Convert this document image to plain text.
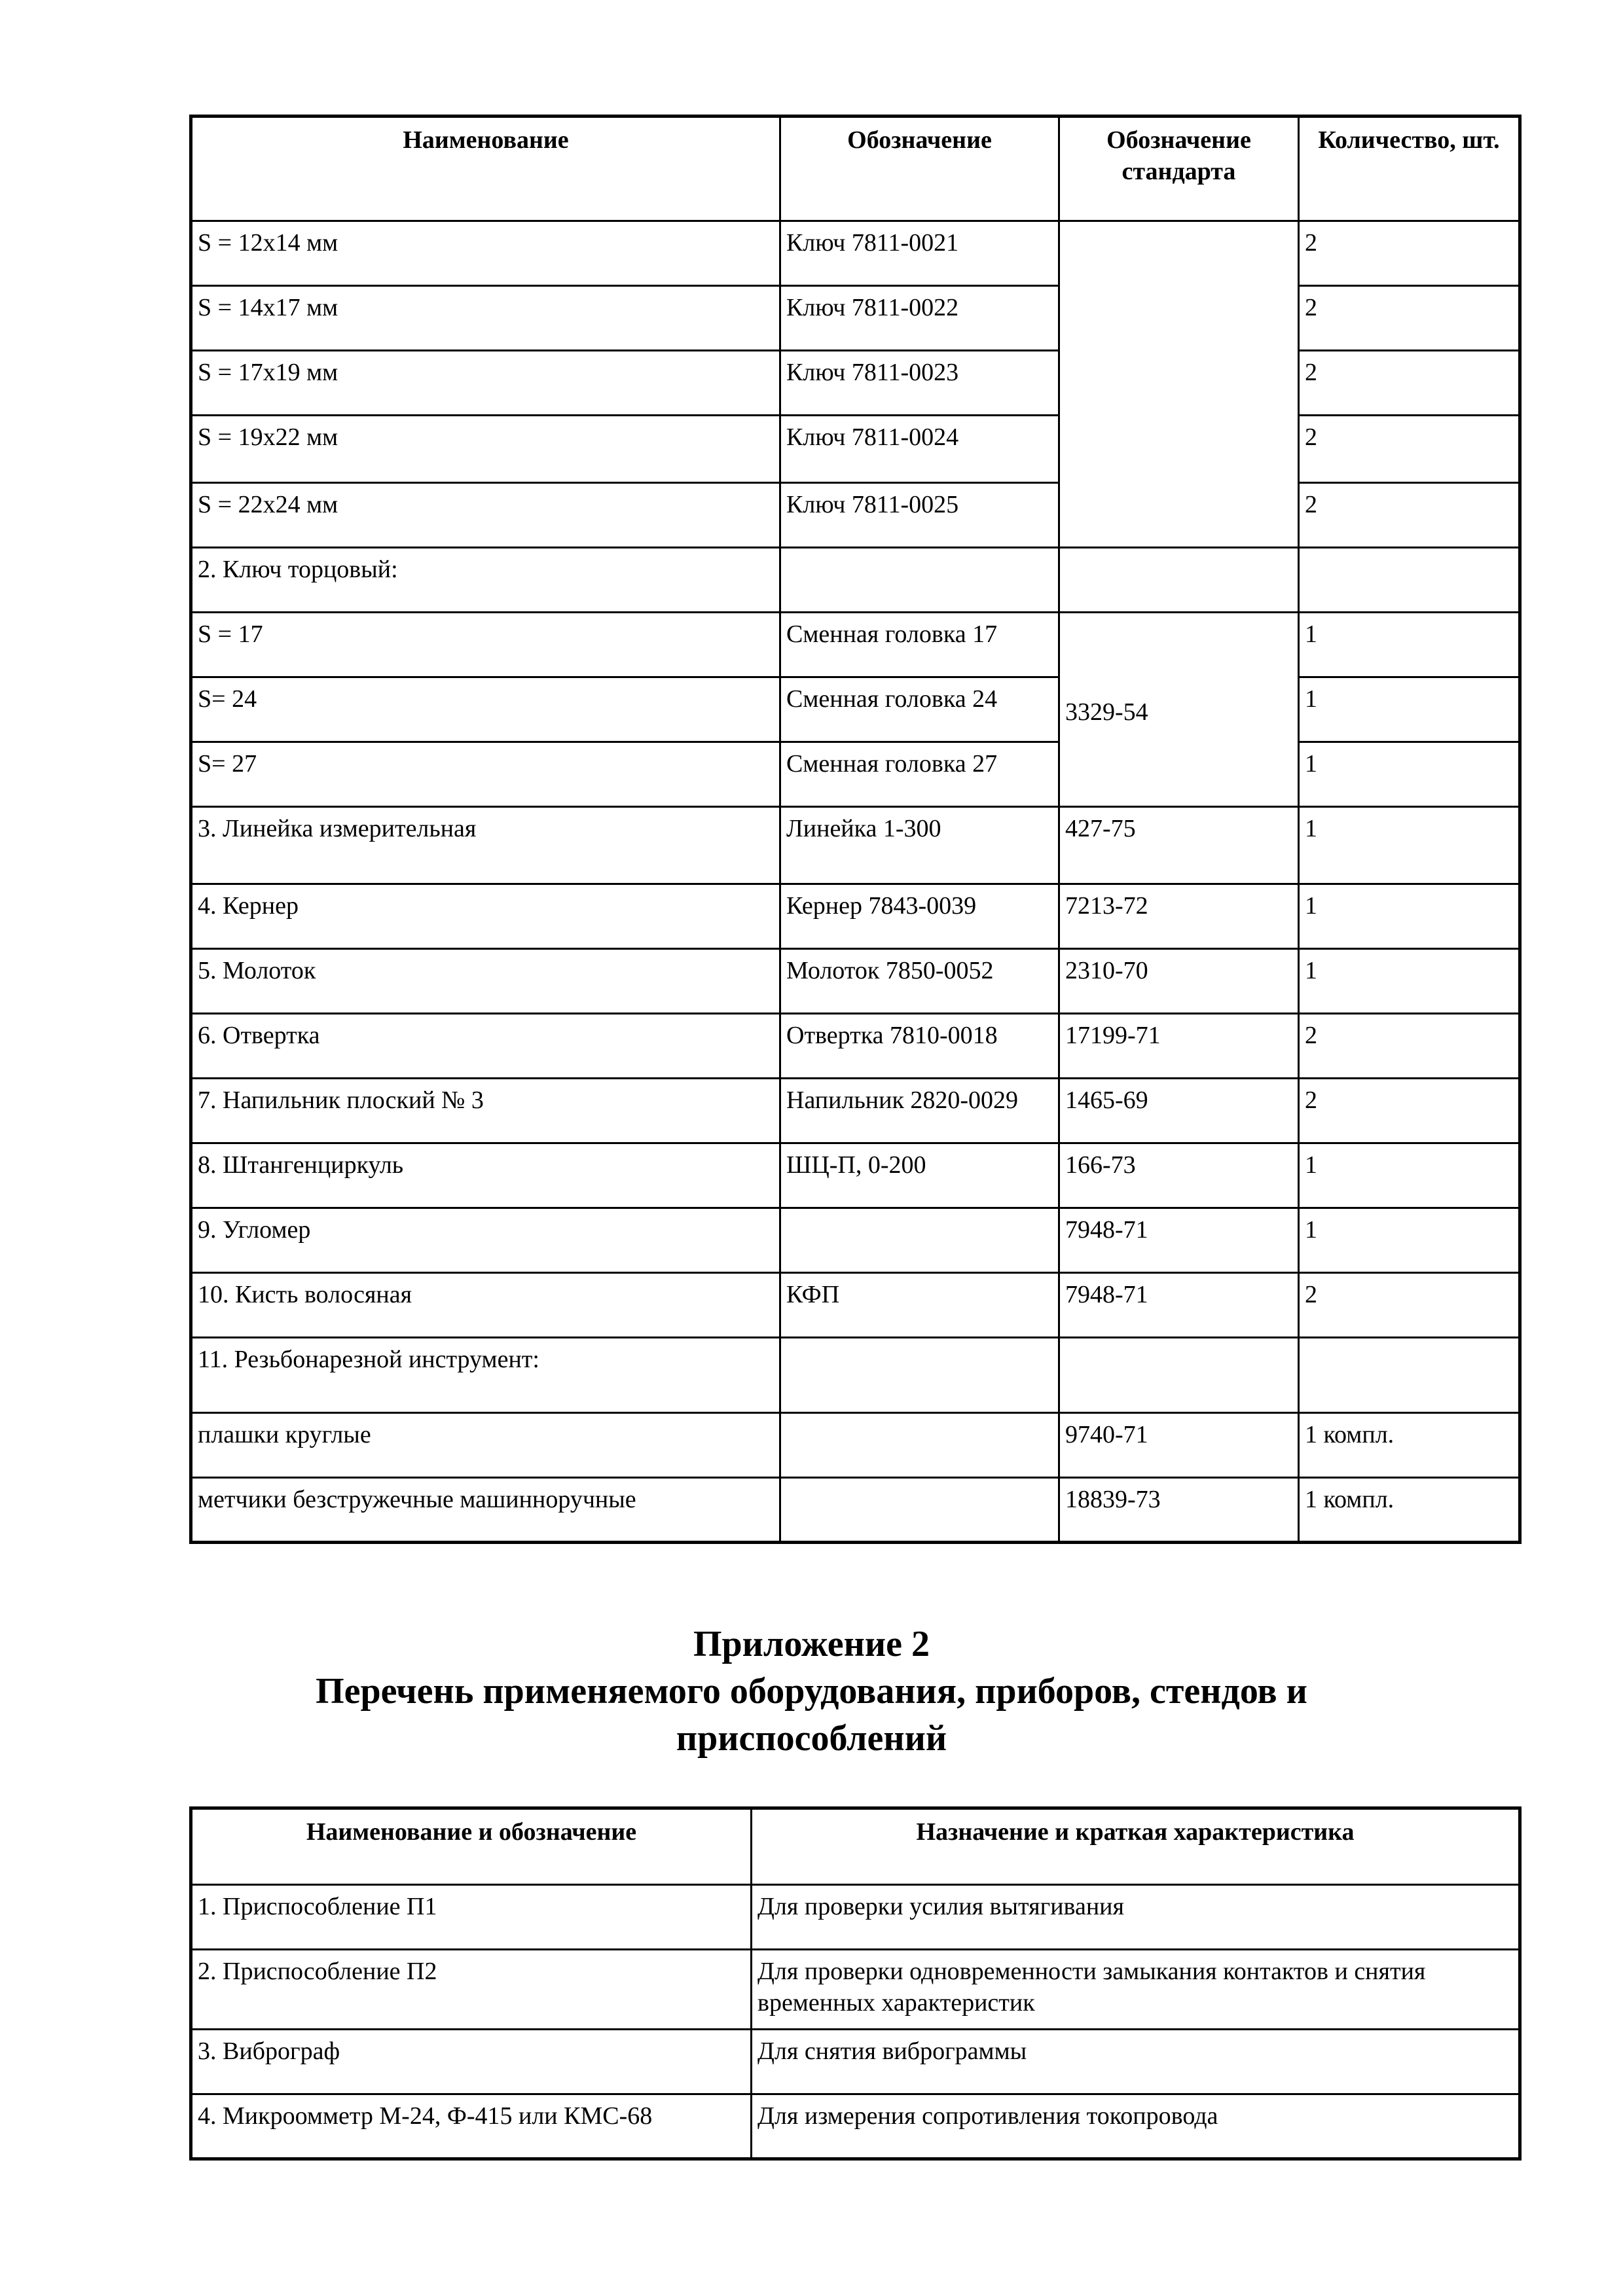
Наименование	Обозначение	Обозначение стандарта	Количество, шт.
S = 12x14 мм	Ключ 7811-0021		2
S = 14x17 мм	Ключ 7811-0022		2
S = 17x19 мм	Ключ 7811-0023		2
S = 19x22 мм	Ключ 7811-0024		2
S = 22x24 мм	Ключ 7811-0025		2
2. Ключ торцовый:			
S = 17	Сменная головка 17	3329-54	1
S= 24	Сменная головка 24		1
S= 27	Сменная головка 27		1
3. Линейка измерительная	Линейка 1-300	427-75	1
4. Кернер	Кернер 7843-0039	7213-72	1
5. Молоток	Молоток 7850-0052	2310-70	1
6. Отвертка	Отвертка 7810-0018	17199-71	2
7. Напильник плоский № 3	Напильник 2820-0029	1465-69	2
8. Штангенциркуль	ШЦ-П, 0-200	166-73	1
9. Угломер		7948-71	1
10. Кисть волосяная	КФП	7948-71	2
11. Резьбонарезной инструмент:			
плашки круглые		9740-71	1 компл.
метчики безстружечные машинноручные		18839-73	1 компл.
Приложение 2
Перечень применяемого оборудования, приборов, стендов и
приспособлений
Наименование и обозначение	Назначение и краткая характеристика
1. Приспособление П1	Для проверки усилия вытягивания
2. Приспособление П2	Для проверки одновременности замыкания контактов и снятия временных характеристик
3. Виброграф	Для снятия виброграммы
4. Микроомметр М-24, Ф-415 или КМС-68	Для измерения сопротивления токопровода
